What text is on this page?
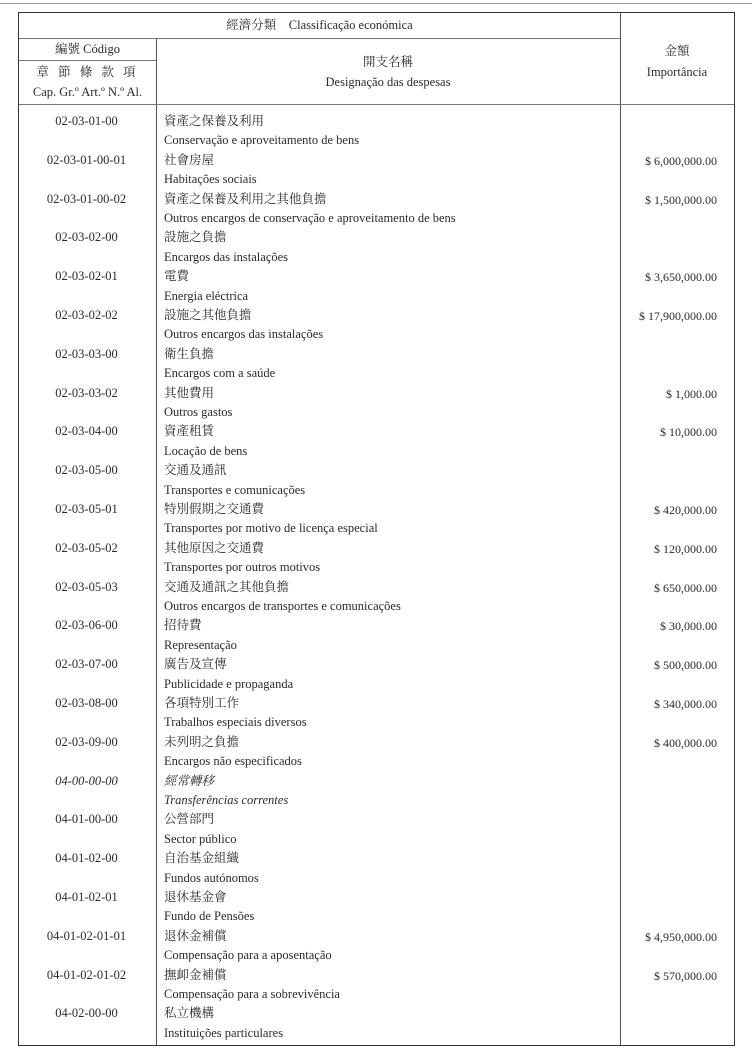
經濟分類　Classificação económica
編號 Código
章 節 條 款 項
Cap. Gr.º Art.º N.º Al.
開支名稱
Designação das despesas
金額
Importância
02-03-01-00	資產之保養及利用
Conservação e aproveitamento de bens
02-03-01-00-01	社會房屋
Habitações sociais
$ 6,000,000.00
02-03-01-00-02	資產之保養及利用之其他負擔
Outros encargos de conservação e aproveitamento de bens
$ 1,500,000.00
02-03-02-00	設施之負擔
Encargos das instalações
02-03-02-01	電費
Energia eléctrica
$ 3,650,000.00
02-03-02-02	設施之其他負擔
Outros encargos das instalações
$ 17,900,000.00
02-03-03-00	衛生負擔
Encargos com a saúde
02-03-03-02	其他費用
Outros gastos
$ 1,000.00
02-03-04-00	資產租賃
Locação de bens
$ 10,000.00
02-03-05-00	交通及通訊
Transportes e comunicações
02-03-05-01	特別假期之交通費
Transportes por motivo de licença especial
$ 420,000.00
02-03-05-02	其他原因之交通費
Transportes por outros motivos
$ 120,000.00
02-03-05-03	交通及通訊之其他負擔
Outros encargos de transportes e comunicações
$ 650,000.00
02-03-06-00	招待費
Representação
$ 30,000.00
02-03-07-00	廣告及宣傳
Publicidade e propaganda
$ 500,000.00
02-03-08-00	各項特別工作
Trabalhos especiais diversos
$ 340,000.00
02-03-09-00	未列明之負擔
Encargos não especificados
$ 400,000.00
04-00-00-00	經常轉移
Transferências correntes
04-01-00-00	公營部門
Sector público
04-01-02-00	自治基金組織
Fundos autónomos
04-01-02-01	退休基金會
Fundo de Pensões
04-01-02-01-01	退休金補償
Compensação para a aposentação
$ 4,950,000.00
04-01-02-01-02	撫卹金補償
Compensação para a sobrevivência
$ 570,000.00
04-02-00-00	私立機構
Instituições particulares
